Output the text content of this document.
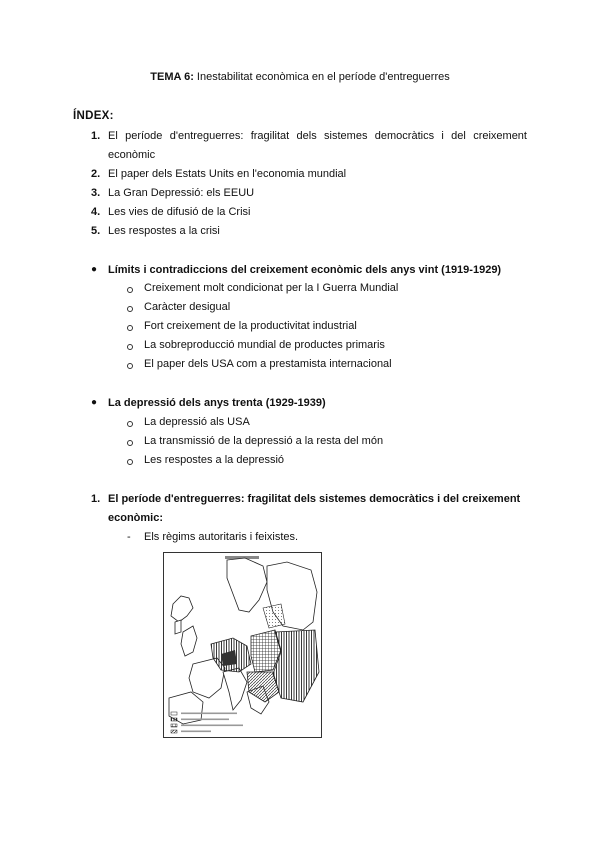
TEMA 6: Inestabilitat econòmica en el període d'entreguerres
ÍNDEX:
1. El període d'entreguerres: fragilitat dels sistemes democràtics i del creixement econòmic
2. El paper dels Estats Units en l'economia mundial
3. La Gran Depressió: els EEUU
4. Les vies de difusió de la Crisi
5. Les respostes a la crisi
● Límits i contradiccions del creixement econòmic dels anys vint (1919-1929)
Creixement molt condicionat per la I Guerra Mundial
Caràcter desigual
Fort creixement de la productivitat industrial
La sobreproducció mundial de productes primaris
El paper dels USA com a prestamista internacional
● La depressió dels anys trenta (1929-1939)
La depressió als USA
La transmissió de la depressió a la resta del món
Les respostes a la depressió
1. El període d'entreguerres: fragilitat dels sistemes democràtics i del creixement econòmic:
- Els règims autoritaris i feixistes.
